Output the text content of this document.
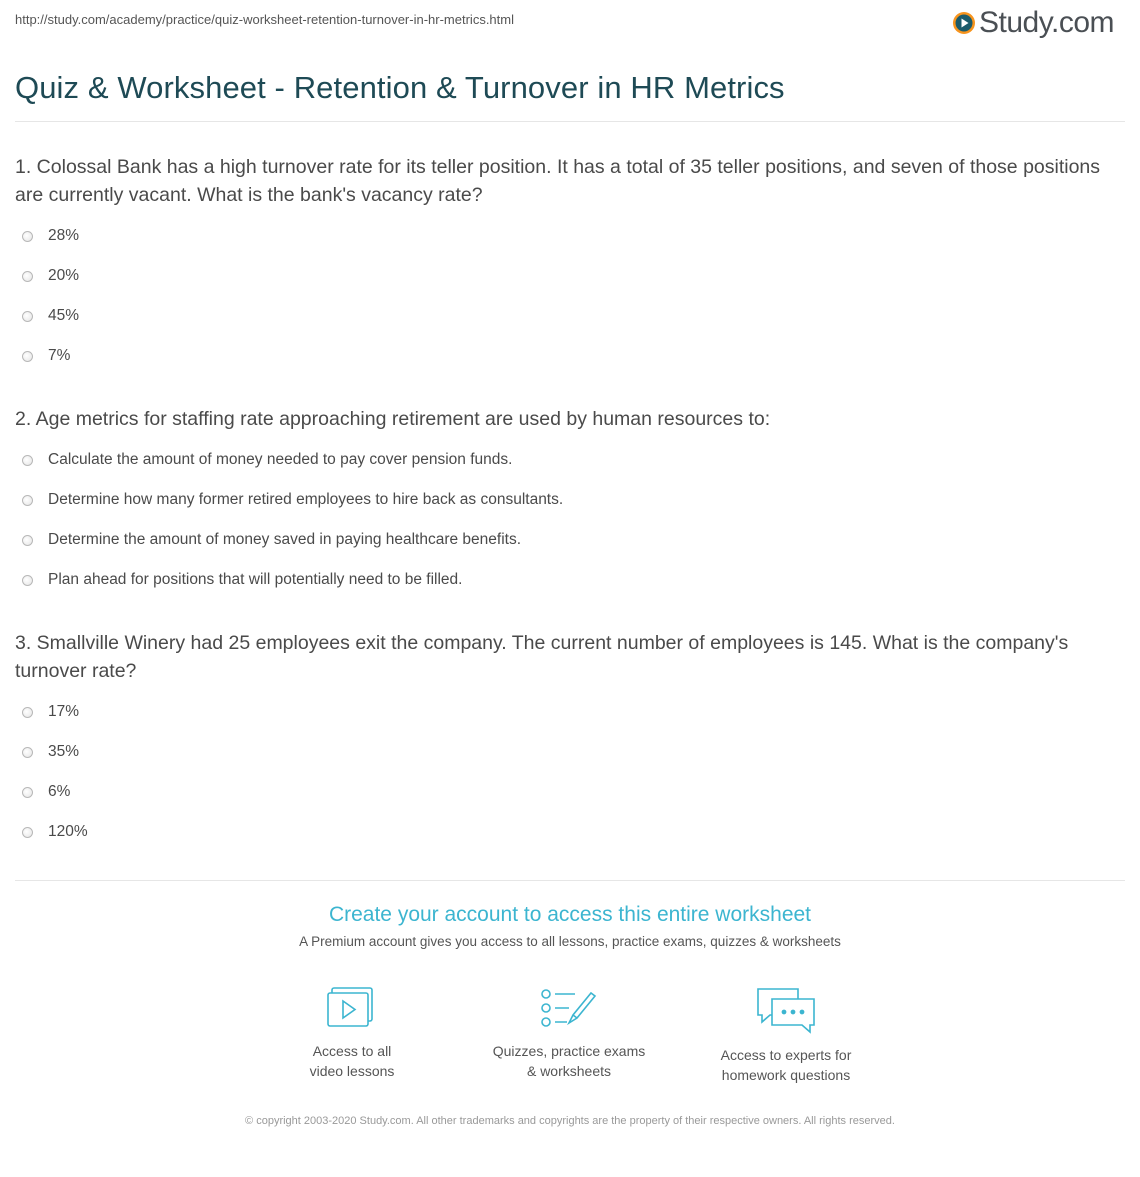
http://study.com/academy/practice/quiz-worksheet-retention-turnover-in-hr-metrics.html	Study.com
Quiz & Worksheet - Retention & Turnover in HR Metrics
1. Colossal Bank has a high turnover rate for its teller position. It has a total of 35 teller positions, and seven of those positions are currently vacant. What is the bank's vacancy rate?
28%
20%
45%
7%
2. Age metrics for staffing rate approaching retirement are used by human resources to:
Calculate the amount of money needed to pay cover pension funds.
Determine how many former retired employees to hire back as consultants.
Determine the amount of money saved in paying healthcare benefits.
Plan ahead for positions that will potentially need to be filled.
3. Smallville Winery had 25 employees exit the company. The current number of employees is 145. What is the company's turnover rate?
17%
35%
6%
120%
Create your account to access this entire worksheet
A Premium account gives you access to all lessons, practice exams, quizzes & worksheets
Access to all
video lessons
Quizzes, practice exams
& worksheets
Access to experts for
homework questions
© copyright 2003-2020 Study.com. All other trademarks and copyrights are the property of their respective owners. All rights reserved.
